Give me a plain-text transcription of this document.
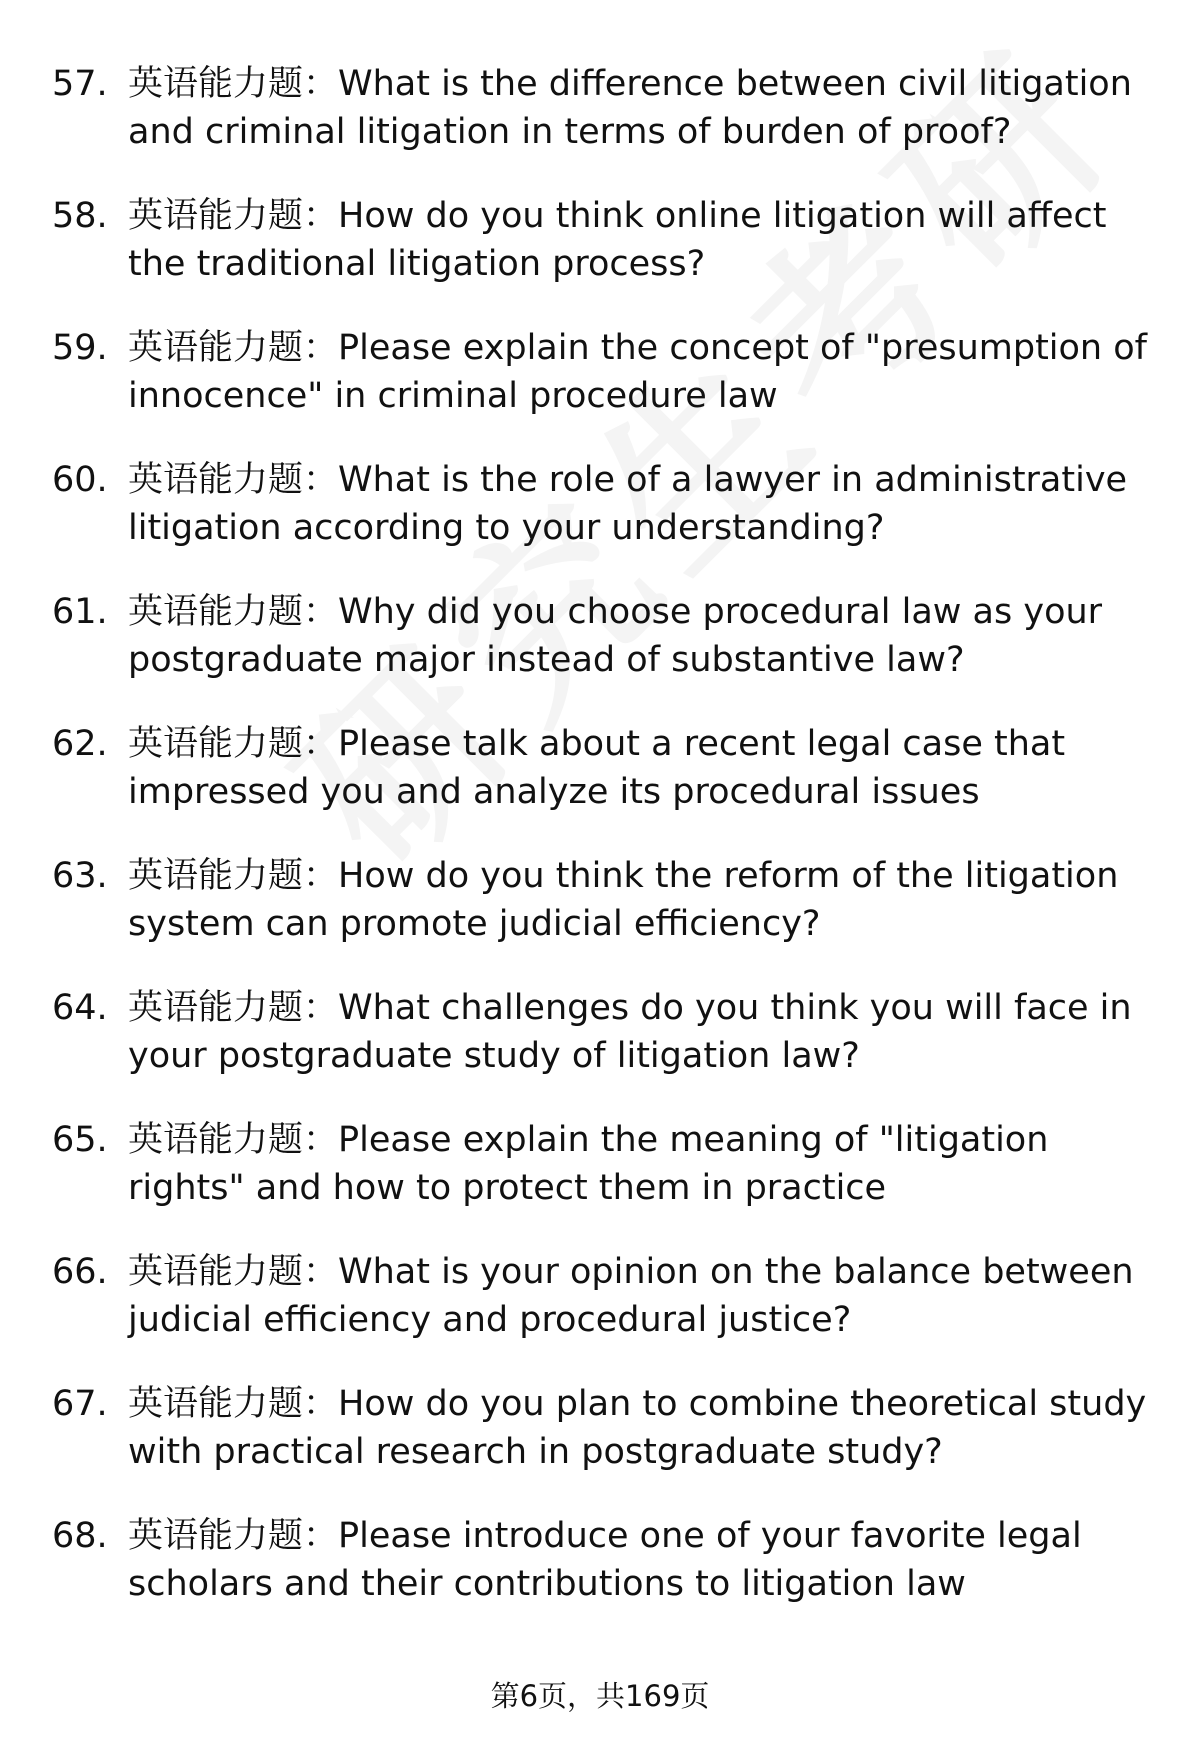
57. 英语能力题：What is the difference between civil litigation and criminal litigation in terms of burden of proof?
58. 英语能力题：How do you think online litigation will affect the traditional litigation process?
59. 英语能力题：Please explain the concept of "presumption of innocence" in criminal procedure law
60. 英语能力题：What is the role of a lawyer in administrative litigation according to your understanding?
61. 英语能力题：Why did you choose procedural law as your postgraduate major instead of substantive law?
62. 英语能力题：Please talk about a recent legal case that impressed you and analyze its procedural issues
63. 英语能力题：How do you think the reform of the litigation system can promote judicial efficiency?
64. 英语能力题：What challenges do you think you will face in your postgraduate study of litigation law?
65. 英语能力题：Please explain the meaning of "litigation rights" and how to protect them in practice
66. 英语能力题：What is your opinion on the balance between judicial efficiency and procedural justice?
67. 英语能力题：How do you plan to combine theoretical study with practical research in postgraduate study?
68. 英语能力题：Please introduce one of your favorite legal scholars and their contributions to litigation law
第6页，共169页
